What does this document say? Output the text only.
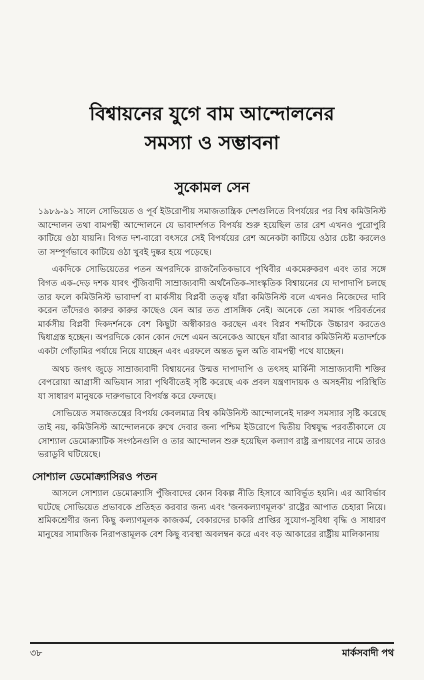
বিশ্বায়নের যুগে বাম আন্দোলনের
সমস্যা ও সম্ভাবনা
সুকোমল সেন

১৯৮৯-৯১ সালে সোভিয়েত ও পূর্ব ইউরোপীয় সমাজতান্ত্রিক দেশগুলিতে বিপর্যয়ের পর বিশ্ব কমিউনিস্ট আন্দোলন তথা বামপন্থী আন্দোলনে যে ভাবাদর্শগত বিপর্যয় শুরু হয়েছিল তার রেশ এখনও পুরোপুরি কাটিয়ে ওঠা যায়নি। বিগত দশ-বারো বৎসরে সেই বিপর্যয়ের রেশ অনেকটা কাটিয়ে ওঠার চেষ্টা করলেও তা সম্পূর্ণভাবে কাটিয়ে ওঠা খুবই দুষ্কর হয়ে পড়েছে।

একদিকে সোভিয়েতের পতন অপরদিকে রাজনৈতিকভাবে পৃথিবীর একমেরুকরণ এবং তার সঙ্গে বিগত এক-দেড় দশক যাবৎ পুঁজিবাদী সাম্রাজ্যবাদী অর্থনৈতিক-সাংস্কৃতিক বিশ্বায়নের যে দাপাদাপি চলছে তার ফলে কমিউনিস্ট ভাবাদর্শ বা মার্কসীয় বিপ্লবী তত্ত্ব যাঁরা কমিউনিস্ট বলে এখনও নিজেদের দাবি করেন তাঁদেরও কারুর কারুর কাছেও যেন আর তত প্রাসঙ্গিক নেই। অনেকে তো সমাজ পরিবর্তনের মার্কসীয় বিপ্লবী দিকদর্শনকে বেশ কিছুটা অস্বীকারও করছেন এবং বিপ্লব শব্দটিকে উচ্চারণ করতেও দ্বিধাগ্রস্ত হচ্ছেন। অপরদিকে কোন কোন দেশে এমন অনেকেও আছেন যাঁরা আবার কমিউনিস্ট মতাদর্শকে একটা গোঁড়ামির পর্যায়ে নিয়ে যাচ্ছেন এবং এরফলে অন্তত ভুল অতি বামপন্থী পথে যাচ্ছেন।

অথচ জগৎ জুড়ে সাম্রাজ্যবাদী বিশ্বায়নের উন্মত্ত দাপাদাপি ও তৎসহ মার্কিনী সাম্রাজ্যবাদী শক্তির বেপরোয়া আগ্রাসী অভিযান সারা পৃথিবীতেই সৃষ্টি করেছে এক প্রবল যন্ত্রণাদায়ক ও অসহনীয় পরিস্থিতি যা সাধারণ মানুষকে দারুণভাবে বিপর্যস্ত করে ফেলছে।

সোভিয়েত সমাজতন্ত্রের বিপর্যয় কেবলমাত্র বিশ্ব কমিউনিস্ট আন্দোলনেই দারুণ সমস্যার সৃষ্টি করেছে তাই নয়, কমিউনিস্ট আন্দোলনকে রুখে দেবার জন্য পশ্চিম ইউরোপে দ্বিতীয় বিশ্বযুদ্ধ পরবর্তীকালে যে সোশ্যাল ডেমোক্র্যাটিক সংগঠনগুলি ও তার আন্দোলন শুরু হয়েছিল কল্যাণ রাষ্ট্র রূপায়ণের নামে তারও ভরাডুবি ঘটিয়েছে।

সোশ্যাল ডেমোক্র্যাসিরও পতন

আসলে সোশ্যাল ডেমোক্র্যাসি পুঁজিবাদের কোন বিকল্প নীতি হিসাবে আবির্ভূত হয়নি। এর আবির্ভাব ঘটেছে সোভিয়েত প্রভাবকে প্রতিহত করবার জন্য এবং 'জনকল্যাণমূলক' রাষ্ট্রের আপাত চেহারা নিয়ে। শ্রমিকশ্রেণীর জন্য কিছু কল্যাণমূলক কাজকর্ম, বেকারদের চাকরি প্রাপ্তির সুযোগ-সুবিধা বৃদ্ধি ও সাধারণ মানুষের সামাজিক নিরাপত্তামূলক বেশ কিছু ব্যবস্থা অবলম্বন করে এবং বড় আকারের রাষ্ট্রীয় মালিকানায়

৩৮	মার্কসবাদী পথ
